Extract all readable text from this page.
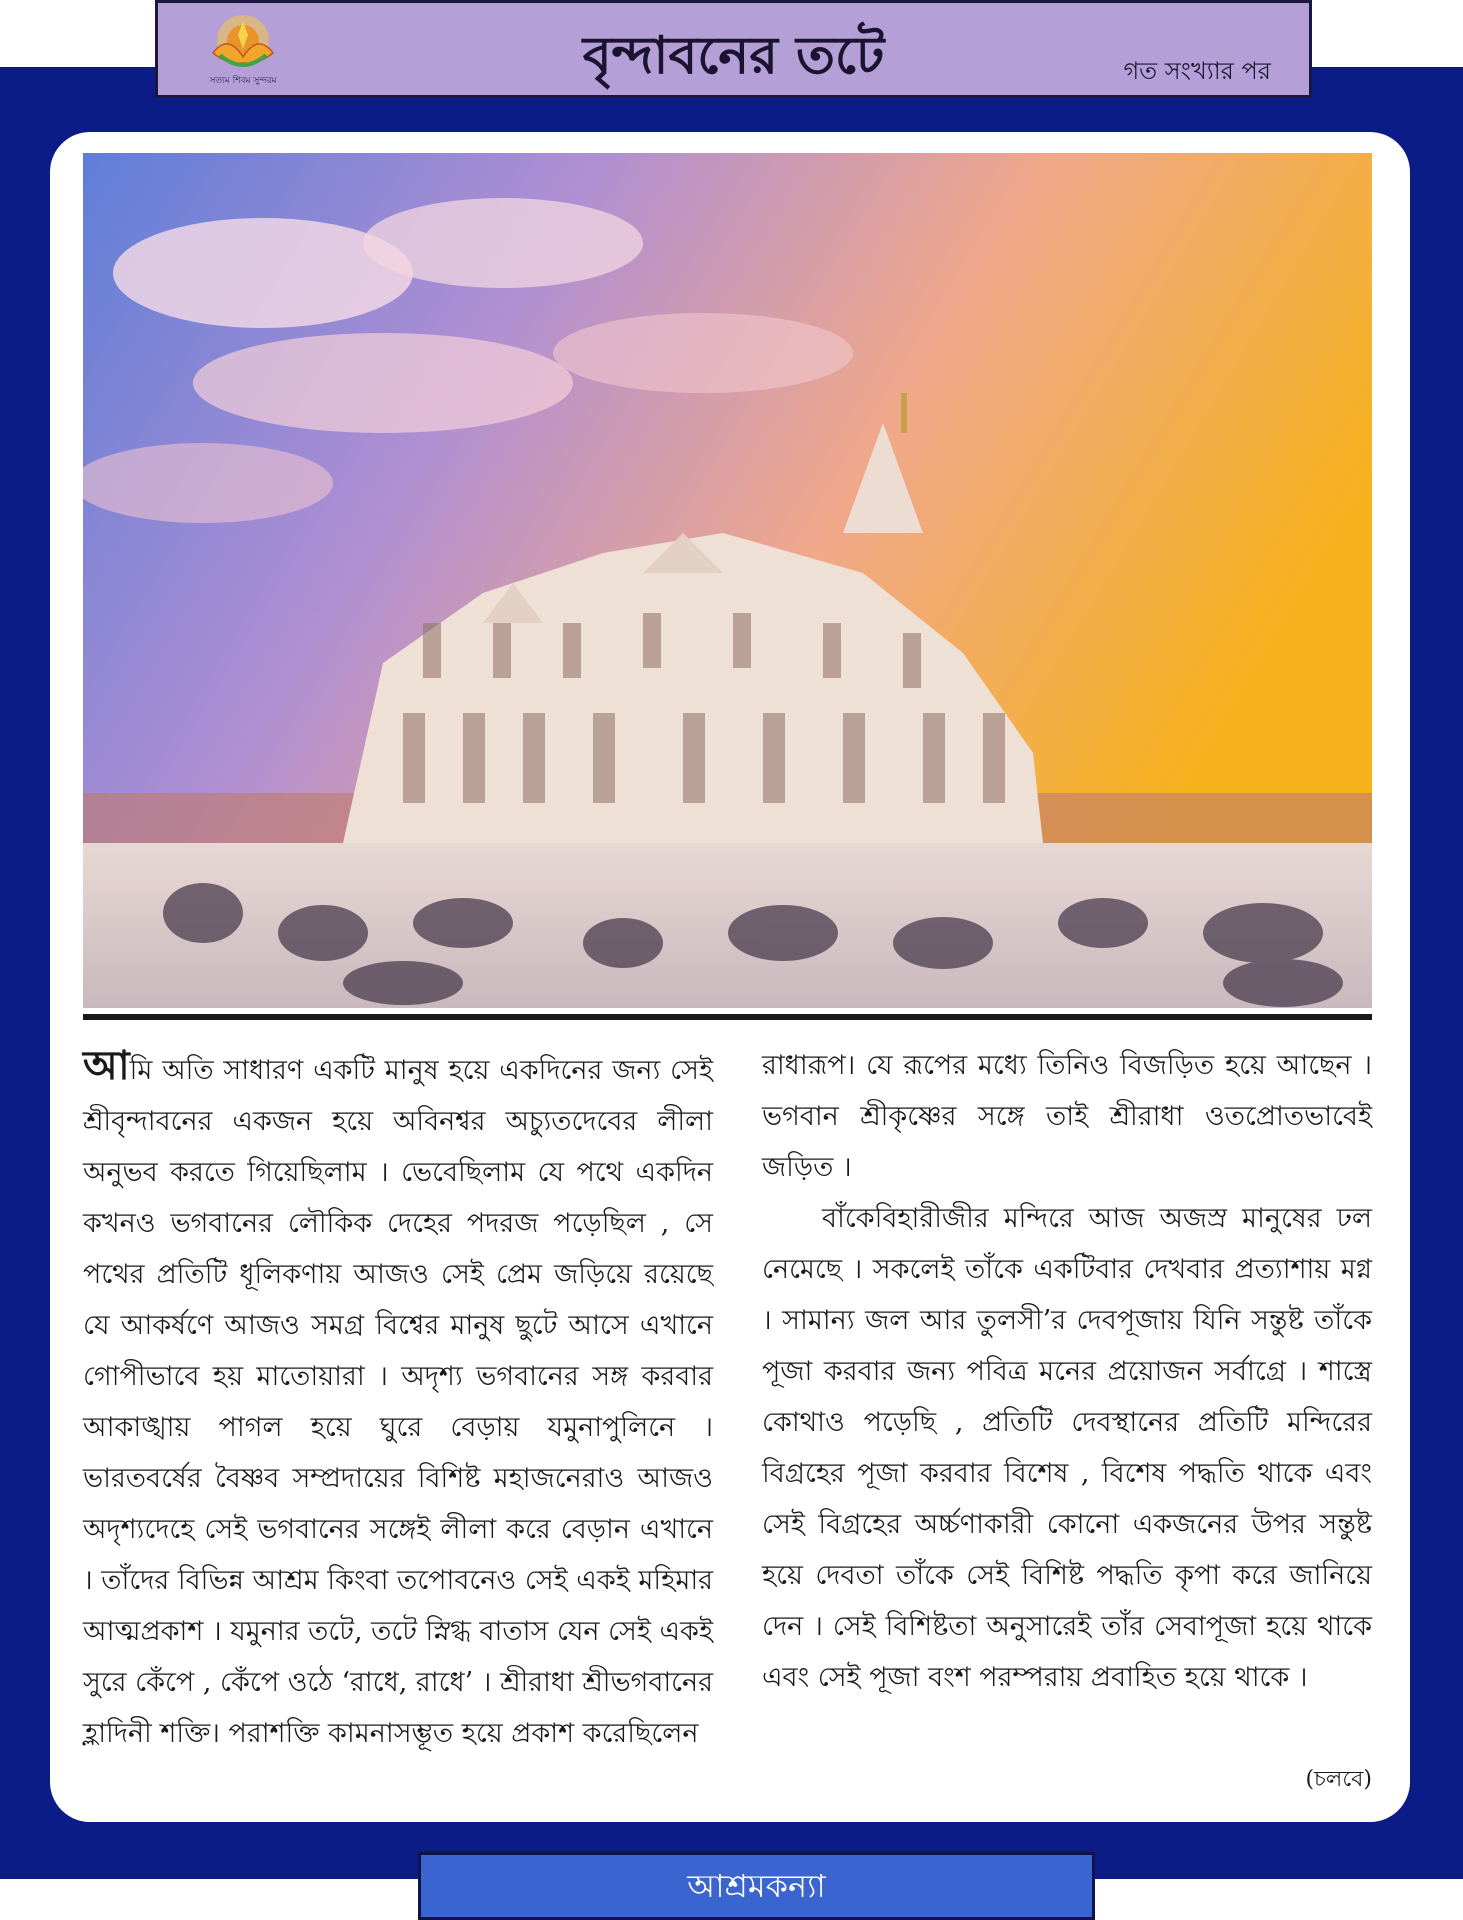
সত্যম শিবম সুন্দরম	বৃন্দাবনের তটে	গত সংখ্যার পর

আমি অতি সাধারণ একটি মানুষ হয়ে একদিনের জন্য সেই শ্রীবৃন্দাবনের একজন হয়ে অবিনশ্বর অচ্যুতদেবের লীলা অনুভব করতে গিয়েছিলাম । ভেবেছিলাম যে পথে একদিন কখনও ভগবানের লৌকিক দেহের পদরজ পড়েছিল , সে পথের প্রতিটি ধূলিকণায় আজও সেই প্রেম জড়িয়ে রয়েছে যে আকর্ষণে আজও সমগ্র বিশ্বের মানুষ ছুটে আসে এখানে গোপীভাবে হয় মাতোয়ারা । অদৃশ্য ভগবানের সঙ্গ করবার আকাঙ্খায় পাগল হয়ে ঘুরে বেড়ায় যমুনাপুলিনে । ভারতবর্ষের বৈষ্ণব সম্প্রদায়ের বিশিষ্ট মহাজনেরাও আজও অদৃশ্যদেহে সেই ভগবানের সঙ্গেই লীলা করে বেড়ান এখানে । তাঁদের বিভিন্ন আশ্রম কিংবা তপোবনেও সেই একই মহিমার আত্মপ্রকাশ । যমুনার তটে, তটে স্নিগ্ধ বাতাস যেন সেই একই সুরে কেঁপে , কেঁপে ওঠে ‘রাধে, রাধে’ । শ্রীরাধা শ্রীভগবানের হ্লাদিনী শক্তি। পরাশক্তি কামনাসম্ভূত হয়ে প্রকাশ করেছিলেন

রাধারূপ। যে রূপের মধ্যে তিনিও বিজড়িত হয়ে আছেন । ভগবান শ্রীকৃষ্ণের সঙ্গে তাই শ্রীরাধা ওতপ্রোতভাবেই জড়িত ।

বাঁকেবিহারীজীর মন্দিরে আজ অজস্র মানুষের ঢল নেমেছে । সকলেই তাঁকে একটিবার দেখবার প্রত্যাশায় মগ্ন । সামান্য জল আর তুলসী’র দেবপূজায় যিনি সন্তুষ্ট তাঁকে পূজা করবার জন্য পবিত্র মনের প্রয়োজন সর্বাগ্রে । শাস্ত্রে কোথাও পড়েছি , প্রতিটি দেবস্থানের প্রতিটি মন্দিরের বিগ্রহের পূজা করবার বিশেষ , বিশেষ পদ্ধতি থাকে এবং সেই বিগ্রহের অর্চ্চণাকারী কোনো একজনের উপর সন্তুষ্ট হয়ে দেবতা তাঁকে সেই বিশিষ্ট পদ্ধতি কৃপা করে জানিয়ে দেন । সেই বিশিষ্টতা অনুসারেই তাঁর সেবাপূজা হয়ে থাকে এবং সেই পূজা বংশ পরম্পরায় প্রবাহিত হয়ে থাকে ।

(চলবে)
আশ্রমকন্যা
